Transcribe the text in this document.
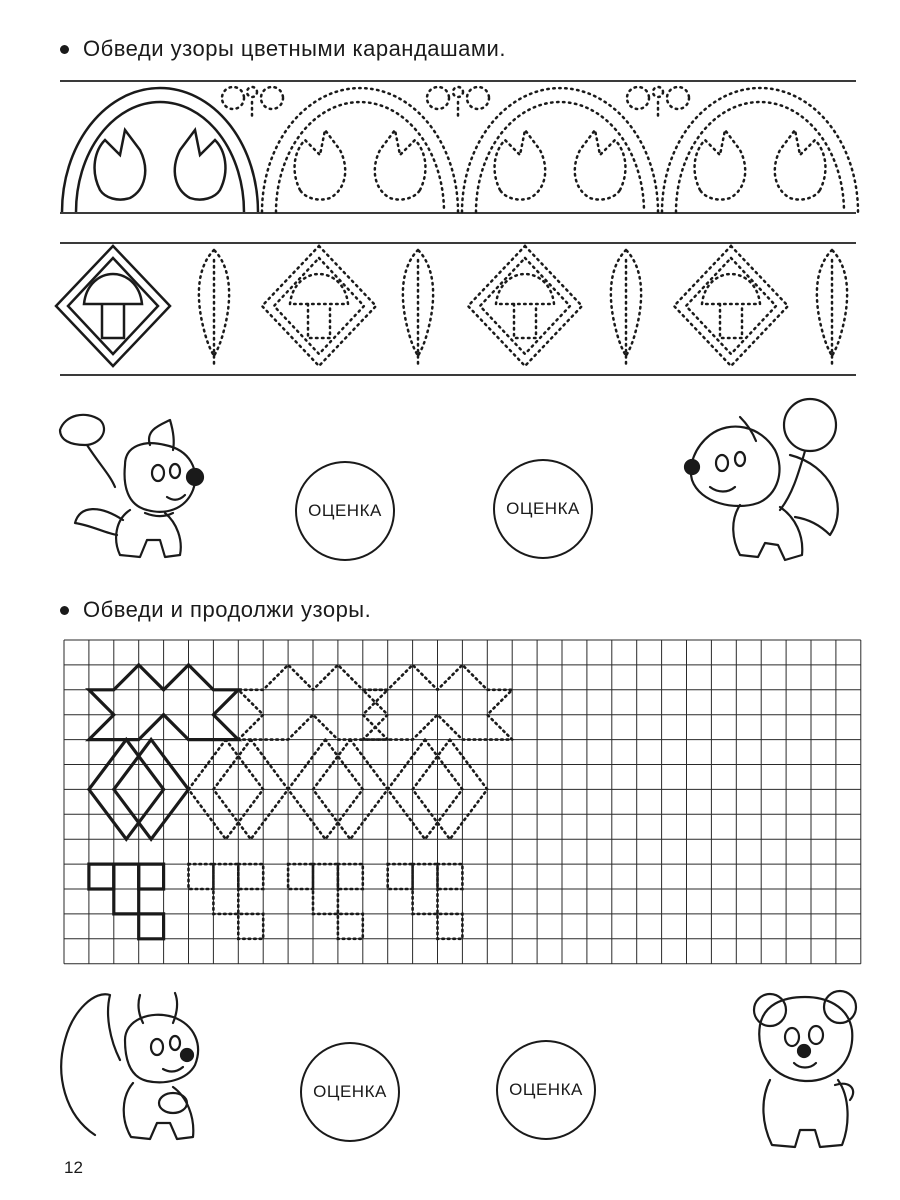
Обведи узоры цветными карандашами.
ОЦЕНКА	ОЦЕНКА
Обведи и продолжи узоры.
ОЦЕНКА	ОЦЕНКА
12
